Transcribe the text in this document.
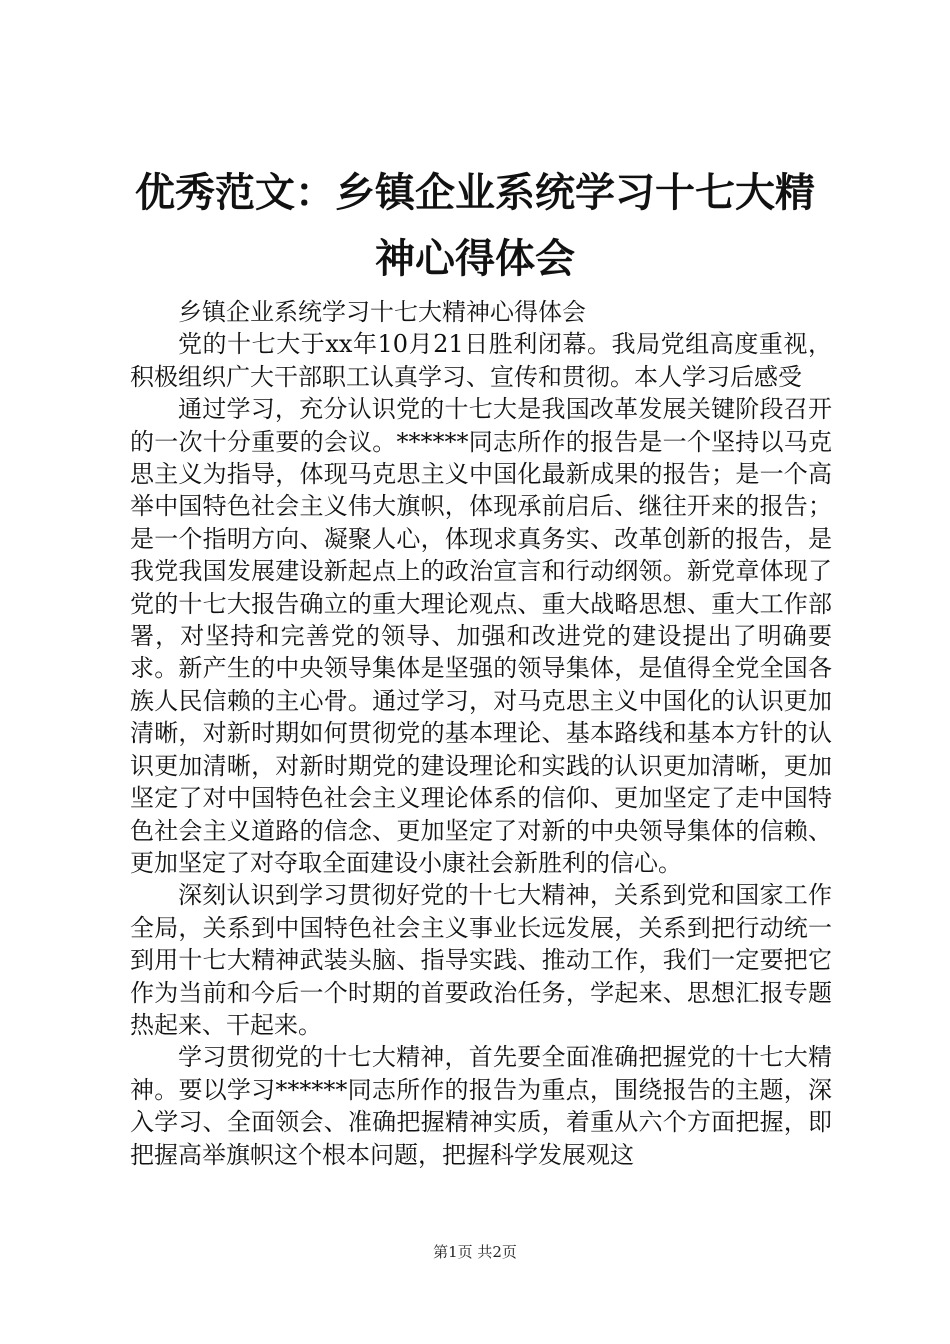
优秀范文：乡镇企业系统学习十七大精神心得体会

乡镇企业系统学习十七大精神心得体会

党的十七大于xx年10月21日胜利闭幕。我局党组高度重视，积极组织广大干部职工认真学习、宣传和贯彻。本人学习后感受

通过学习，充分认识党的十七大是我国改革发展关键阶段召开的一次十分重要的会议。******同志所作的报告是一个坚持以马克思主义为指导，体现马克思主义中国化最新成果的报告；是一个高举中国特色社会主义伟大旗帜，体现承前启后、继往开来的报告；是一个指明方向、凝聚人心，体现求真务实、改革创新的报告，是我党我国发展建设新起点上的政治宣言和行动纲领。新党章体现了党的十七大报告确立的重大理论观点、重大战略思想、重大工作部署，对坚持和完善党的领导、加强和改进党的建设提出了明确要求。新产生的中央领导集体是坚强的领导集体，是值得全党全国各族人民信赖的主心骨。通过学习，对马克思主义中国化的认识更加清晰，对新时期如何贯彻党的基本理论、基本路线和基本方针的认识更加清晰，对新时期党的建设理论和实践的认识更加清晰，更加坚定了对中国特色社会主义理论体系的信仰、更加坚定了走中国特色社会主义道路的信念、更加坚定了对新的中央领导集体的信赖、更加坚定了对夺取全面建设小康社会新胜利的信心。

深刻认识到学习贯彻好党的十七大精神，关系到党和国家工作全局，关系到中国特色社会主义事业长远发展，关系到把行动统一到用十七大精神武装头脑、指导实践、推动工作，我们一定要把它作为当前和今后一个时期的首要政治任务，学起来、思想汇报专题热起来、干起来。

学习贯彻党的十七大精神，首先要全面准确把握党的十七大精神。要以学习******同志所作的报告为重点，围绕报告的主题，深入学习、全面领会、准确把握精神实质，着重从六个方面把握，即把握高举旗帜这个根本问题，把握科学发展观这

第1页 共2页
